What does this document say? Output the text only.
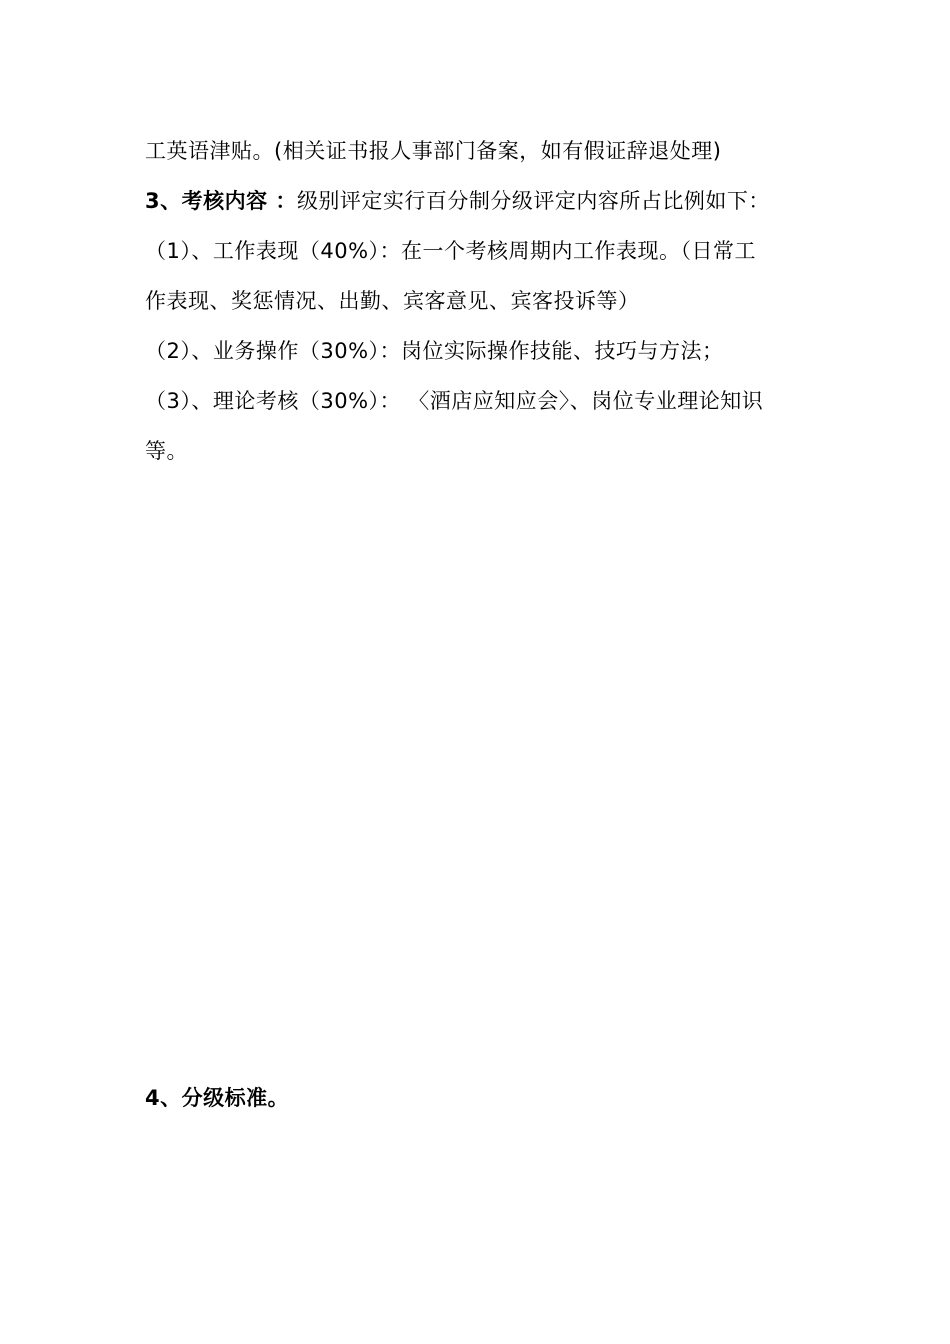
工英语津贴。(相关证书报人事部门备案，如有假证辞退处理)
3、考核内容 ：级别评定实行百分制分级评定内容所占比例如下：
（1）、工作表现（40%）：在一个考核周期内工作表现。（日常工
作表现、奖惩情况、出勤、宾客意见、宾客投诉等）
（2）、业务操作（30%）：岗位实际操作技能、技巧与方法；
（3）、理论考核（30%）： 〈酒店应知应会〉、岗位专业理论知识
等。
4、分级标准。
